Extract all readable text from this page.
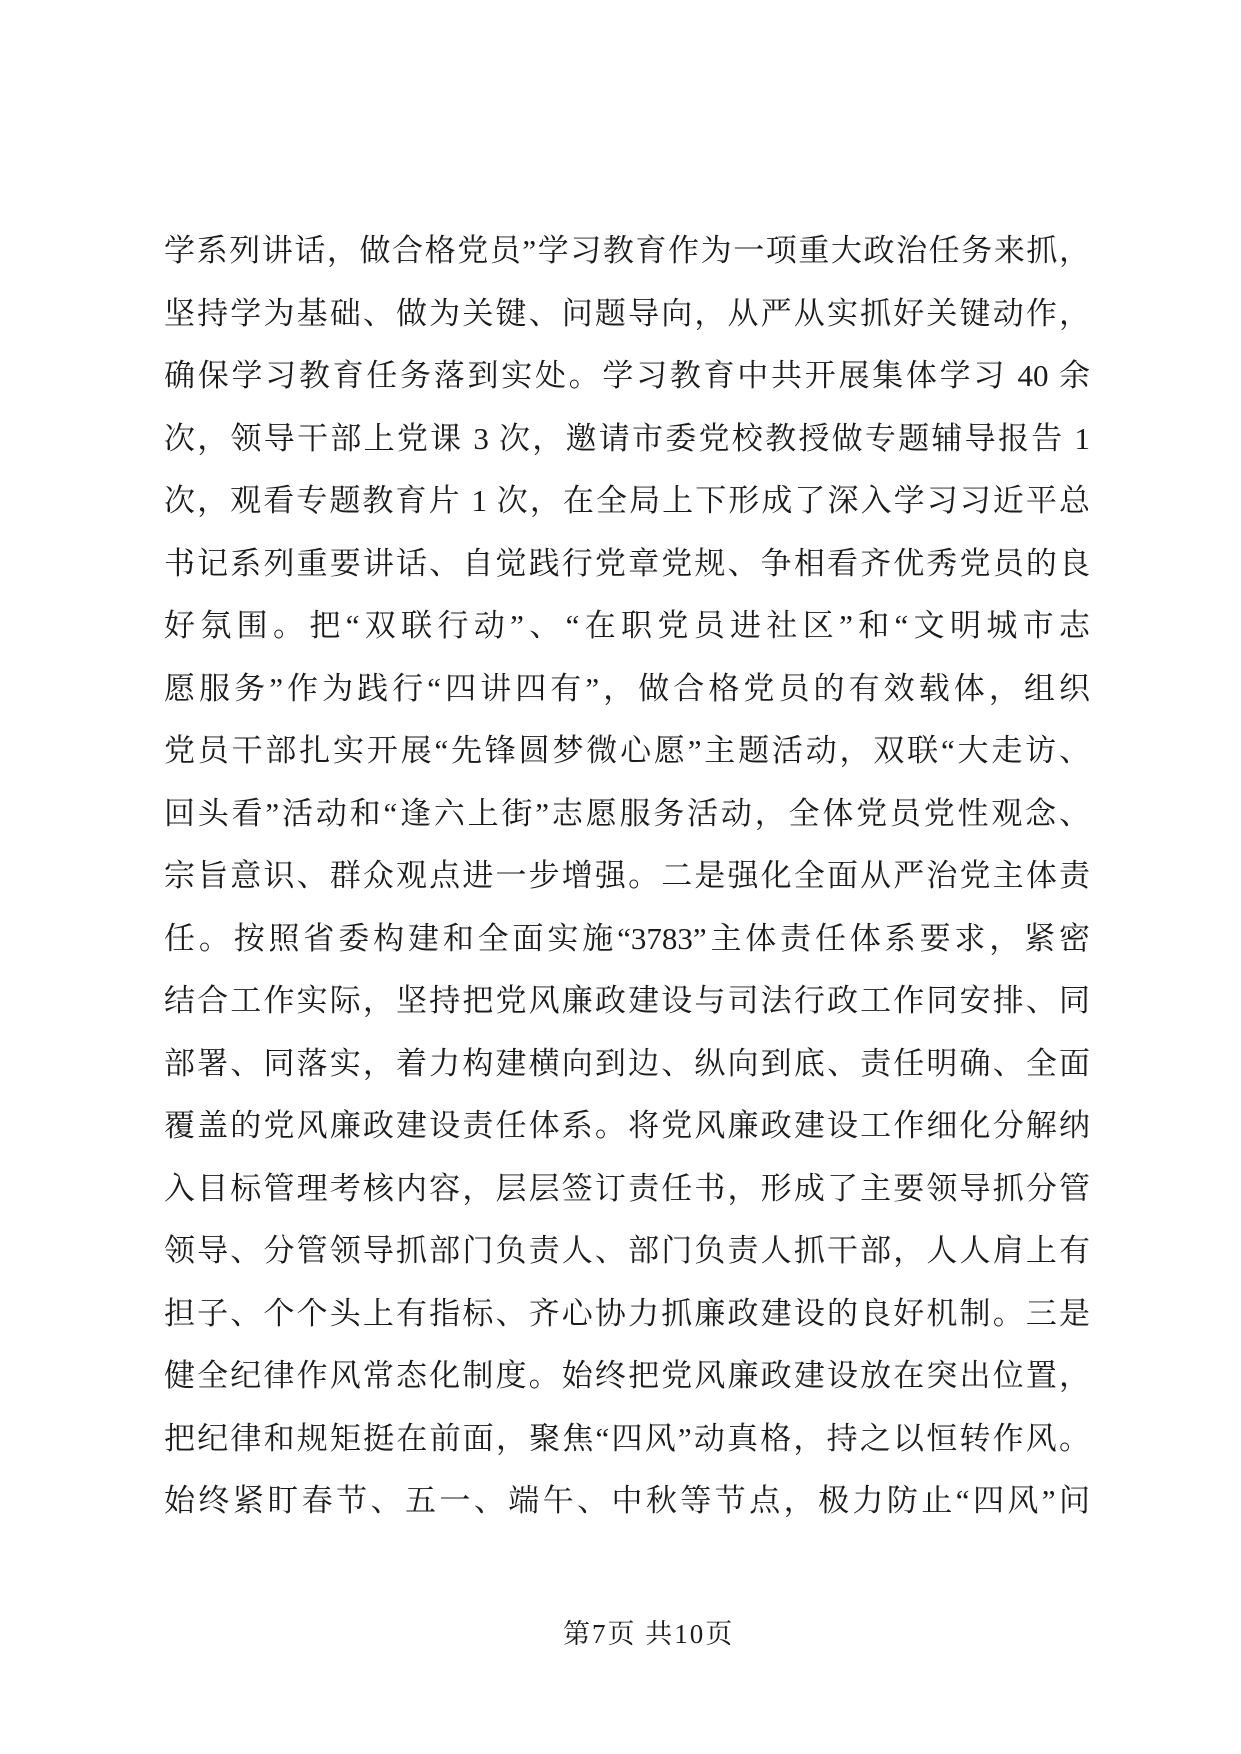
学系列讲话，做合格党员”学习教育作为一项重大政治任务来抓，
坚持学为基础、做为关键、问题导向，从严从实抓好关键动作，
确保学习教育任务落到实处。学习教育中共开展集体学习 40 余
次，领导干部上党课 3 次，邀请市委党校教授做专题辅导报告 1
次，观看专题教育片 1 次，在全局上下形成了深入学习习近平总
书记系列重要讲话、自觉践行党章党规、争相看齐优秀党员的良
好氛围。把“双联行动”、“在职党员进社区”和“文明城市志
愿服务”作为践行“四讲四有”，做合格党员的有效载体，组织
党员干部扎实开展“先锋圆梦微心愿”主题活动，双联“大走访、
回头看”活动和“逢六上街”志愿服务活动，全体党员党性观念、
宗旨意识、群众观点进一步增强。二是强化全面从严治党主体责
任。按照省委构建和全面实施“3783”主体责任体系要求，紧密
结合工作实际，坚持把党风廉政建设与司法行政工作同安排、同
部署、同落实，着力构建横向到边、纵向到底、责任明确、全面
覆盖的党风廉政建设责任体系。将党风廉政建设工作细化分解纳
入目标管理考核内容，层层签订责任书，形成了主要领导抓分管
领导、分管领导抓部门负责人、部门负责人抓干部，人人肩上有
担子、个个头上有指标、齐心协力抓廉政建设的良好机制。三是
健全纪律作风常态化制度。始终把党风廉政建设放在突出位置，
把纪律和规矩挺在前面，聚焦“四风”动真格，持之以恒转作风。
始终紧盯春节、五一、端午、中秋等节点，极力防止“四风”问
第7页 共10页
